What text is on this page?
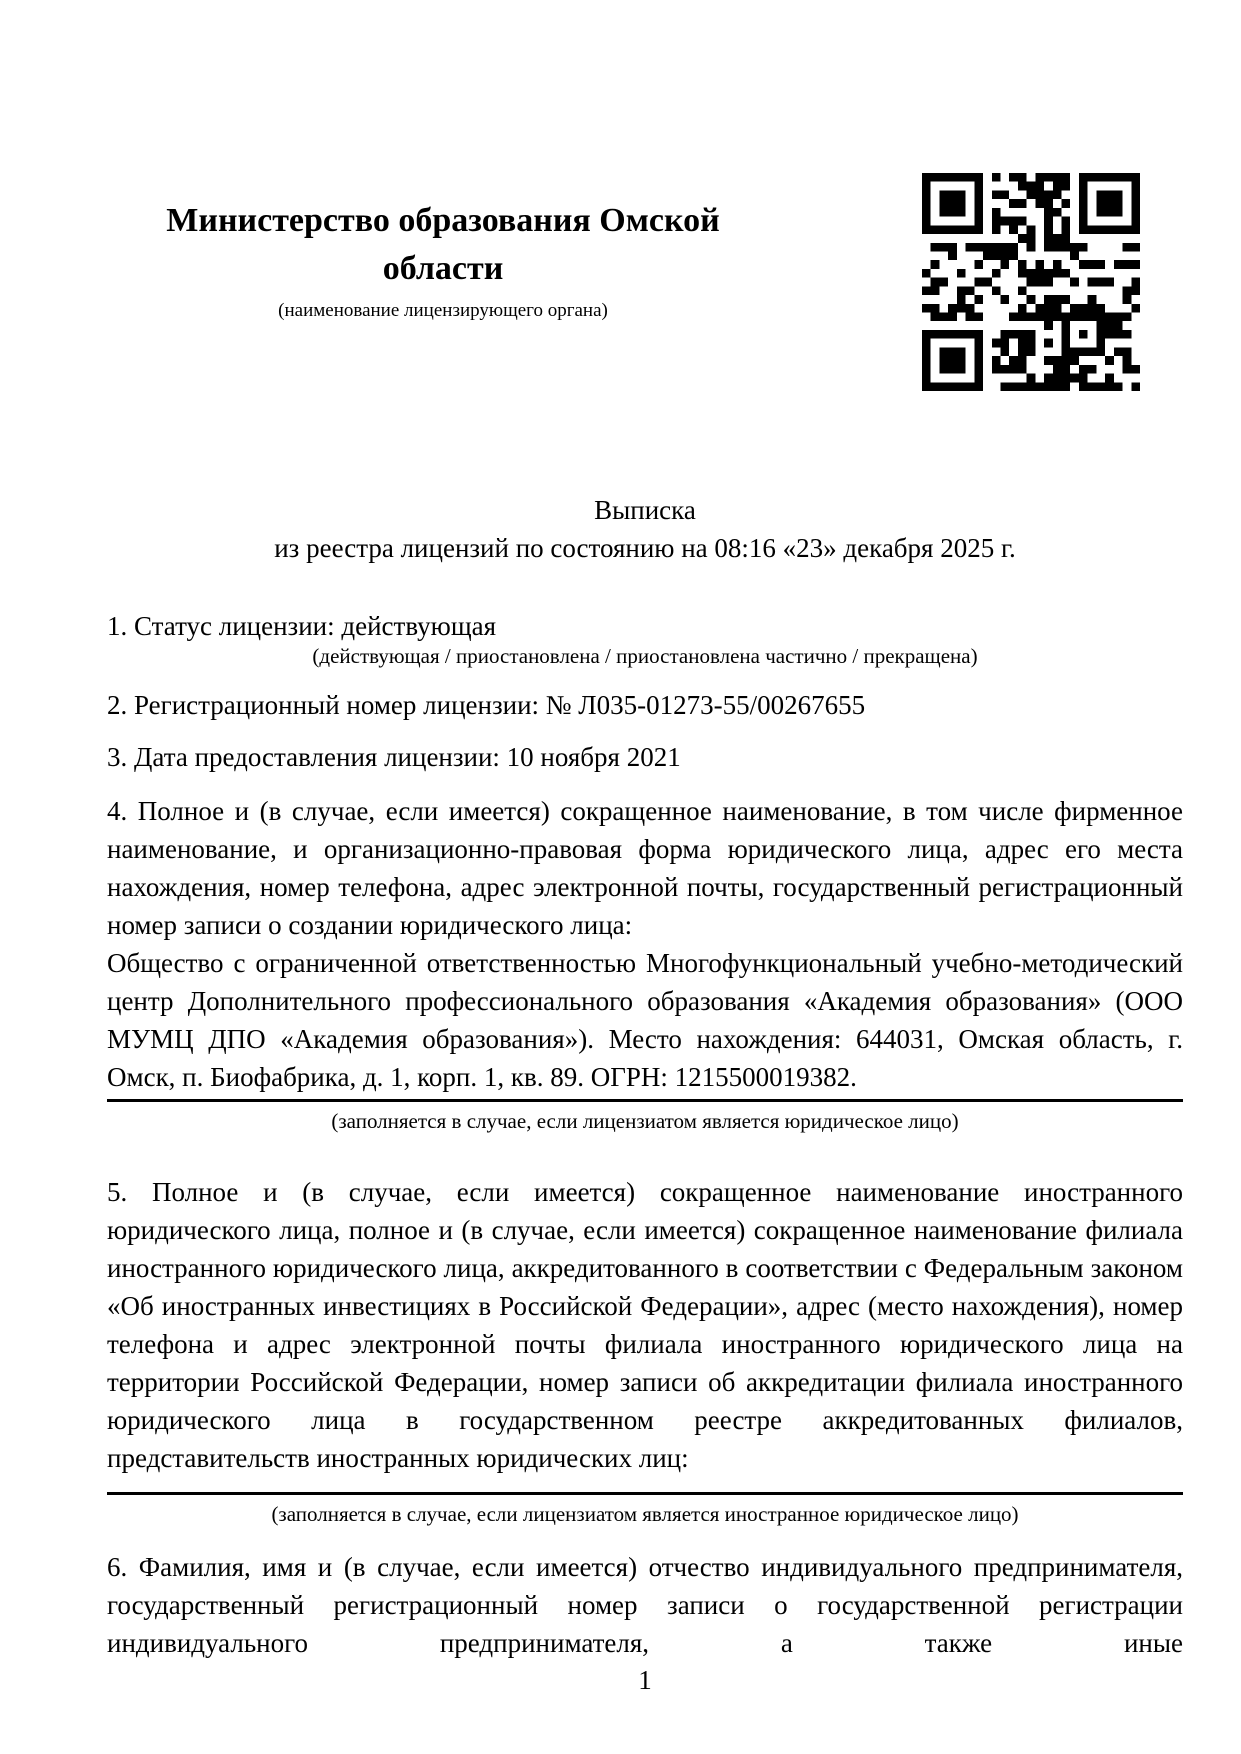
Министерство образования Омской области
(наименование лицензирующего органа)
Выписка
из реестра лицензий по состоянию на 08:16 «23» декабря 2025 г.

1. Статус лицензии: действующая

(действующая / приостановлена / приостановлена частично / прекращена)

2. Регистрационный номер лицензии: № Л035-01273-55/00267655

3. Дата предоставления лицензии: 10 ноября 2021

4. Полное и (в случае, если имеется) сокращенное наименование, в том числе фирменное наименование, и организационно-правовая форма юридического лица, адрес его места нахождения, номер телефона, адрес электронной почты, государственный регистрационный номер записи о создании юридического лица:

Общество с ограниченной ответственностью Многофункциональный учебно-методический центр Дополнительного профессионального образования «Академия образования» (ООО МУМЦ ДПО «Академия образования»). Место нахождения: 644031, Омская область, г. Омск, п. Биофабрика, д. 1, корп. 1, кв. 89. ОГРН: 1215500019382.

(заполняется в случае, если лицензиатом является юридическое лицо)

5. Полное и (в случае, если имеется) сокращенное наименование иностранного юридического лица, полное и (в случае, если имеется) сокращенное наименование филиала иностранного юридического лица, аккредитованного в соответствии с Федеральным законом «Об иностранных инвестициях в Российской Федерации», адрес (место нахождения), номер телефона и адрес электронной почты филиала иностранного юридического лица на территории Российской Федерации, номер записи об аккредитации филиала иностранного юридического лица в государственном реестре аккредитованных филиалов, представительств иностранных юридических лиц:

(заполняется в случае, если лицензиатом является иностранное юридическое лицо)

6. Фамилия, имя и (в случае, если имеется) отчество индивидуального предпринимателя, государственный регистрационный номер записи о государственной регистрации индивидуального предпринимателя, а также иные

1
